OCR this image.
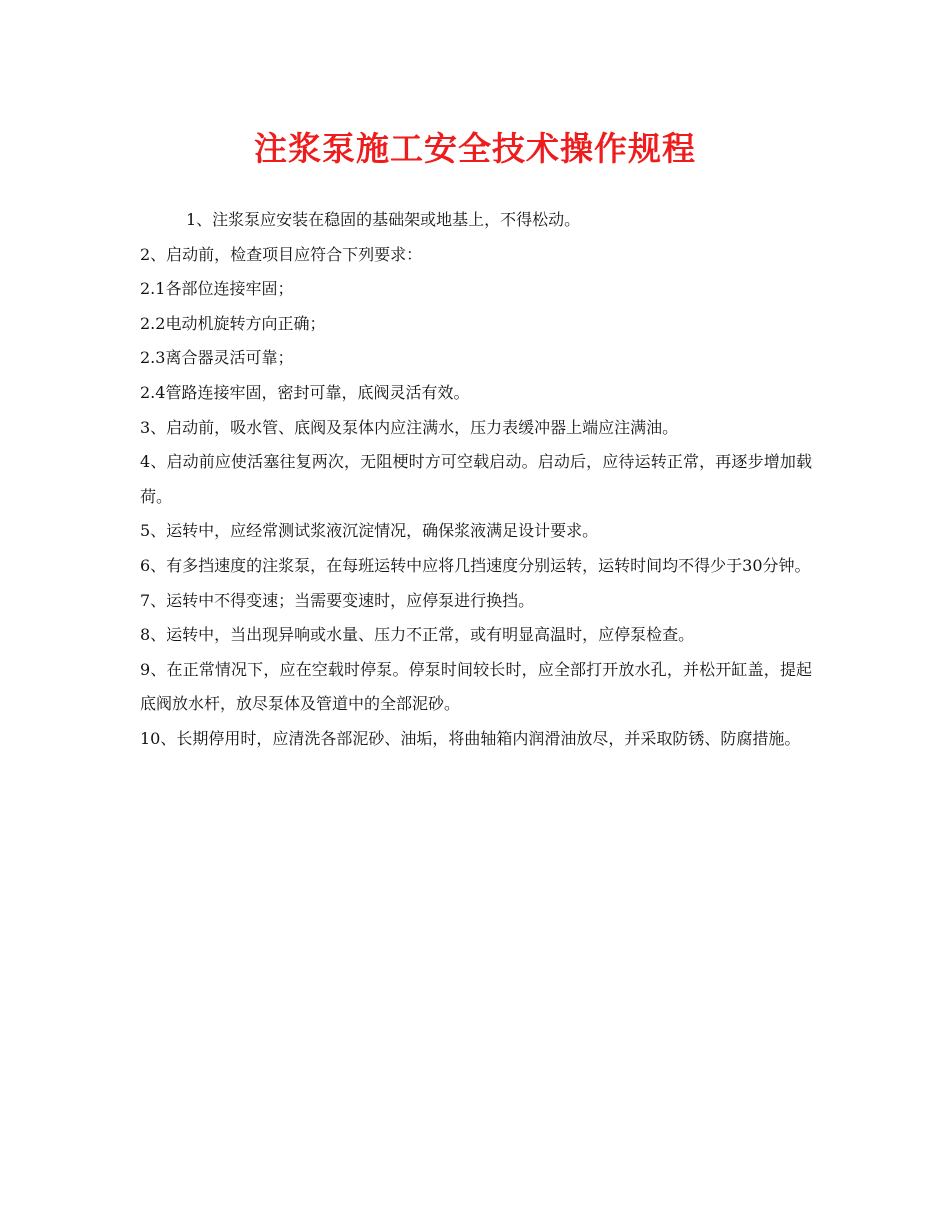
注浆泵施工安全技术操作规程

1、注浆泵应安装在稳固的基础架或地基上，不得松动。

2、启动前，检查项目应符合下列要求：

2.1各部位连接牢固；

2.2电动机旋转方向正确；

2.3离合器灵活可靠；

2.4管路连接牢固，密封可靠，底阀灵活有效。

3、启动前，吸水管、底阀及泵体内应注满水，压力表缓冲器上端应注满油。

4、启动前应使活塞往复两次，无阻梗时方可空载启动。启动后，应待运转正常，再逐步增加载荷。

5、运转中，应经常测试浆液沉淀情况，确保浆液满足设计要求。

6、有多挡速度的注浆泵，在每班运转中应将几挡速度分别运转，运转时间均不得少于30分钟。

7、运转中不得变速；当需要变速时，应停泵进行换挡。

8、运转中，当出现异响或水量、压力不正常，或有明显高温时，应停泵检查。

9、在正常情况下，应在空载时停泵。停泵时间较长时，应全部打开放水孔，并松开缸盖，提起底阀放水杆，放尽泵体及管道中的全部泥砂。

10、长期停用时，应清洗各部泥砂、油垢，将曲轴箱内润滑油放尽，并采取防锈、防腐措施。
